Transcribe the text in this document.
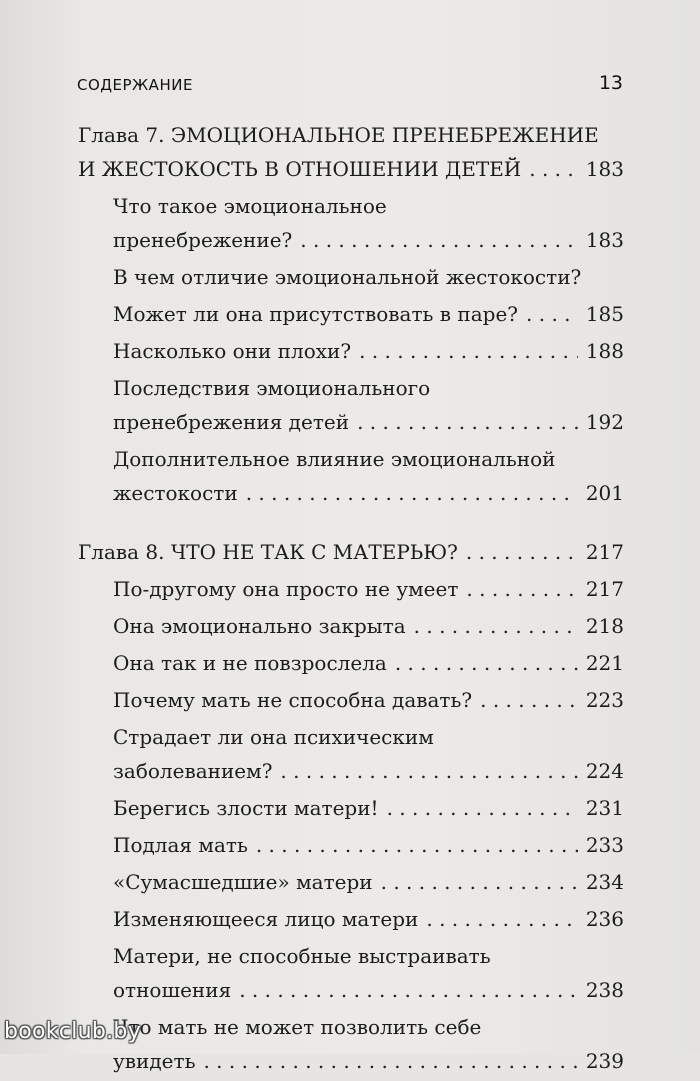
СОДЕРЖАНИЕ	13
Глава 7. ЭМОЦИОНАЛЬНОЕ ПРЕНЕБРЕЖЕНИЕ
И ЖЕСТОКОСТЬ В ОТНОШЕНИИ ДЕТЕЙ . . .	183
Что такое эмоциональное
пренебрежение? . . .	183
В чем отличие эмоциональной жестокости?
Может ли она присутствовать в паре? . . .	185
Насколько они плохи? . . .	188
Последствия эмоционального
пренебрежения детей . . .	192
Дополнительное влияние эмоциональной
жестокости . . .	201
Глава 8. ЧТО НЕ ТАК С МАТЕРЬЮ? . . .	217
По-другому она просто не умеет . . .	217
Она эмоционально закрыта . . .	218
Она так и не повзрослела . . .	221
Почему мать не способна давать? . . .	223
Страдает ли она психическим
заболеванием? . . .	224
Берегись злости матери! . . .	231
Подлая мать . . .	233
«Сумасшедшие» матери . . .	234
Изменяющееся лицо матери . . .	236
Матери, не способные выстраивать
отношения . . .	238
Что мать не может позволить себе
увидеть . . .	239
bookclub.by
